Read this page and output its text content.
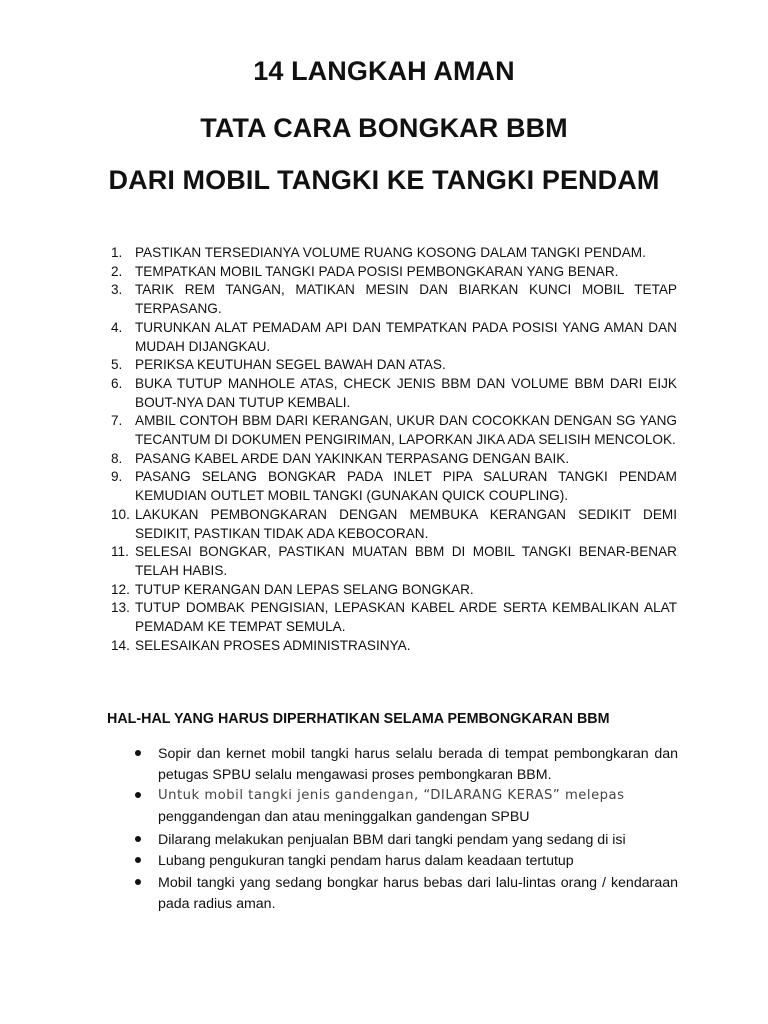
14 LANGKAH AMAN
TATA CARA BONGKAR BBM
DARI MOBIL TANGKI KE TANGKI PENDAM
1. PASTIKAN TERSEDIANYA VOLUME RUANG KOSONG DALAM TANGKI PENDAM.
2. TEMPATKAN MOBIL TANGKI PADA POSISI PEMBONGKARAN YANG BENAR.
3. TARIK REM TANGAN, MATIKAN MESIN DAN BIARKAN KUNCI MOBIL TETAP TERPASANG.
4. TURUNKAN ALAT PEMADAM API DAN TEMPATKAN PADA POSISI YANG AMAN DAN MUDAH DIJANGKAU.
5. PERIKSA KEUTUHAN SEGEL BAWAH DAN ATAS.
6. BUKA TUTUP MANHOLE ATAS, CHECK JENIS BBM DAN VOLUME BBM DARI EIJK BOUT-NYA DAN TUTUP KEMBALI.
7. AMBIL CONTOH BBM DARI KERANGAN, UKUR DAN COCOKKAN DENGAN SG YANG TECANTUM DI DOKUMEN PENGIRIMAN, LAPORKAN JIKA ADA SELISIH MENCOLOK.
8. PASANG KABEL ARDE DAN YAKINKAN TERPASANG DENGAN BAIK.
9. PASANG SELANG BONGKAR PADA INLET PIPA SALURAN TANGKI PENDAM KEMUDIAN OUTLET MOBIL TANGKI (GUNAKAN QUICK COUPLING).
10. LAKUKAN PEMBONGKARAN DENGAN MEMBUKA KERANGAN SEDIKIT DEMI SEDIKIT, PASTIKAN TIDAK ADA KEBOCORAN.
11. SELESAI BONGKAR, PASTIKAN MUATAN BBM DI MOBIL TANGKI BENAR-BENAR TELAH HABIS.
12. TUTUP KERANGAN DAN LEPAS SELANG BONGKAR.
13. TUTUP DOMBAK PENGISIAN, LEPASKAN KABEL ARDE SERTA KEMBALIKAN ALAT PEMADAM KE TEMPAT SEMULA.
14. SELESAIKAN PROSES ADMINISTRASINYA.
HAL-HAL YANG HARUS DIPERHATIKAN SELAMA PEMBONGKARAN BBM
Sopir dan kernet mobil tangki harus selalu berada di tempat pembongkaran dan petugas SPBU selalu mengawasi proses pembongkaran BBM.
Untuk mobil tangki jenis gandengan, “DILARANG KERAS” melepas
penggandengan dan atau meninggalkan gandengan SPBU
Dilarang melakukan penjualan BBM dari tangki pendam yang sedang di isi
Lubang pengukuran tangki pendam harus dalam keadaan tertutup
Mobil tangki yang sedang bongkar harus bebas dari lalu-lintas orang / kendaraan pada radius aman.
